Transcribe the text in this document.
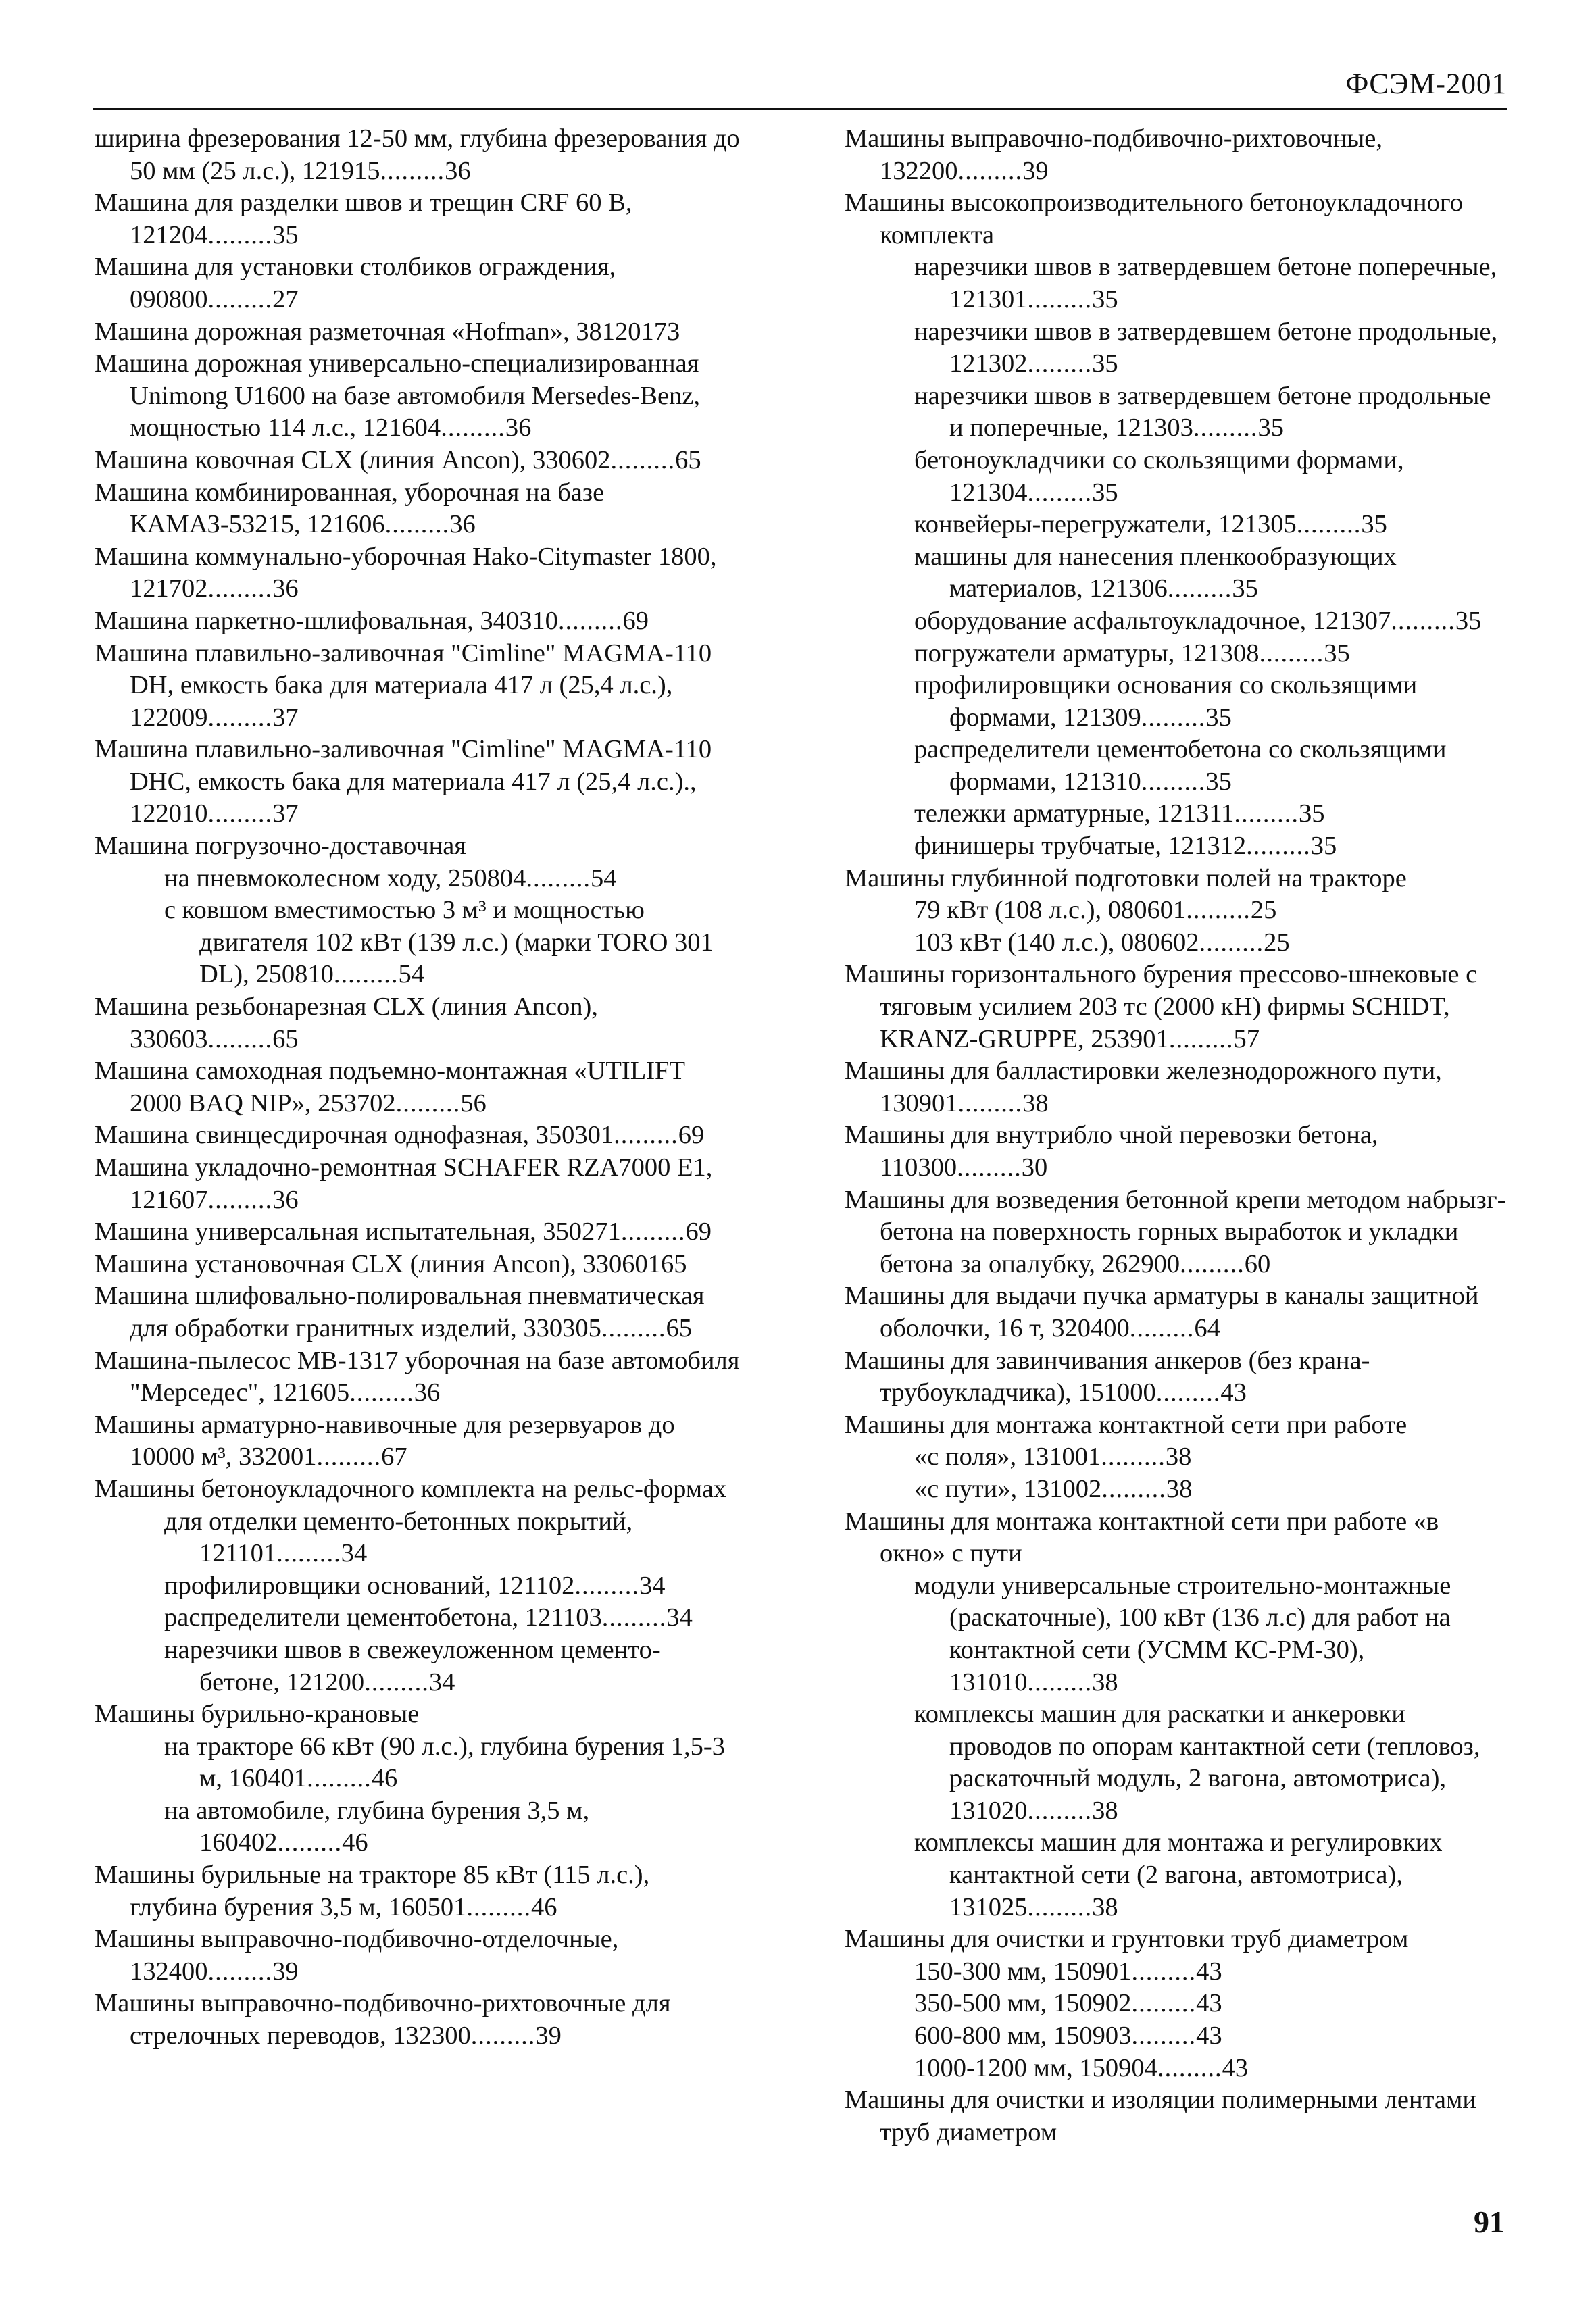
ФСЭМ-2001
ширина фрезерования 12-50 мм, глубина фрезерования до 50 мм (25 л.с.), 121915.........36
Машина для разделки швов и трещин CRF 60 B, 121204.........35
Машина для установки столбиков ограждения, 090800.........27
Машина дорожная разметочная «Hofman», 38120173
Машина дорожная универсально-специализированная Unimong U1600 на базе автомобиля Mersedes-Benz, мощностью 114 л.с., 121604.........36
Машина ковочная CLX (линия Ancon), 330602.........65
Машина комбинированная, уборочная на базе КАМАЗ-53215, 121606.........36
Машина коммунально-уборочная Hako-Citymaster 1800, 121702.........36
Машина паркетно-шлифовальная, 340310.........69
Машина плавильно-заливочная "Cimline" MAGMA-110 DH, емкость бака для материала 417 л (25,4 л.с.), 122009.........37
Машина плавильно-заливочная "Cimline" MAGMA-110 DHC, емкость бака для материала 417 л (25,4 л.с.)., 122010.........37
Машина погрузочно-доставочная
на пневмоколесном ходу, 250804.........54
с ковшом вместимостью 3 м³ и мощностью двигателя 102 кВт (139 л.с.) (марки TORO 301 DL), 250810.........54
Машина резьбонарезная CLX (линия Ancon), 330603.........65
Машина самоходная подъемно-монтажная «UTILIFT 2000 BAQ NIP», 253702.........56
Машина свинцесдирочная однофазная, 350301.........69
Машина укладочно-ремонтная SCHAFER RZA7000 E1, 121607.........36
Машина универсальная испытательная, 350271.........69
Машина установочная CLX (линия Ancon), 33060165
Машина шлифовально-полировальная пневматическая для обработки гранитных изделий, 330305.........65
Машина-пылесос MB-1317 уборочная на базе автомобиля "Мерседес", 121605.........36
Машины арматурно-навивочные для резервуаров до 10000 м³, 332001.........67
Машины бетоноукладочного комплекта на рельс-формах
для отделки цементо-бетонных покрытий, 121101.........34
профилировщики оснований, 121102.........34
распределители цементобетона, 121103.........34
нарезчики швов в свежеуложенном цементо-бетоне, 121200.........34
Машины бурильно-крановые
на тракторе 66 кВт (90 л.с.), глубина бурения 1,5-3 м, 160401.........46
на автомобиле, глубина бурения 3,5 м, 160402.........46
Машины бурильные на тракторе 85 кВт (115 л.с.), глубина бурения 3,5 м, 160501.........46
Машины выправочно-подбивочно-отделочные, 132400.........39
Машины выправочно-подбивочно-рихтовочные для стрелочных переводов, 132300.........39
Машины выправочно-подбивочно-рихтовочные, 132200.........39
Машины высокопроизводительного бетоноукладочного комплекта
нарезчики швов в затвердевшем бетоне поперечные, 121301.........35
нарезчики швов в затвердевшем бетоне продольные, 121302.........35
нарезчики швов в затвердевшем бетоне продольные и поперечные, 121303.........35
бетоноукладчики со скользящими формами, 121304.........35
конвейеры-перегружатели, 121305.........35
машины для нанесения пленкообразующих материалов, 121306.........35
оборудование асфальтоукладочное, 121307.........35
погружатели арматуры, 121308.........35
профилировщики основания со скользящими формами, 121309.........35
распределители цементобетона со скользящими формами, 121310.........35
тележки арматурные, 121311.........35
финишеры трубчатые, 121312.........35
Машины глубинной подготовки полей на тракторе
79 кВт (108 л.с.), 080601.........25
103 кВт (140 л.с.), 080602.........25
Машины горизонтального бурения прессово-шнековые с тяговым усилием 203 тс (2000 кН) фирмы SCHIDT, KRANZ-GRUPPE, 253901.........57
Машины для балластировки железнодорожного пути, 130901.........38
Машины для внутрибло чной перевозки бетона, 110300.........30
Машины для возведения бетонной крепи методом набрызг-бетона на поверхность горных выработок и укладки бетона за опалубку, 262900.........60
Машины для выдачи пучка арматуры в каналы защитной оболочки, 16 т, 320400.........64
Машины для завинчивания анкеров (без крана-трубоукладчика), 151000.........43
Машины для монтажа контактной сети при работе
«с поля», 131001.........38
«с пути», 131002.........38
Машины для монтажа контактной сети при работе «в окно» с пути
модули универсальные строительно-монтажные (раскаточные), 100 кВт (136 л.с) для работ на контактной сети (УСММ КС-РМ-30), 131010.........38
комплексы машин для раскатки и анкеровки проводов по опорам кантактной сети (тепловоз, раскаточный модуль, 2 вагона, автомотриса), 131020.........38
комплексы машин для монтажа и регулировких кантактной сети (2 вагона, автомотриса), 131025.........38
Машины для очистки и грунтовки труб диаметром
150-300 мм, 150901.........43
350-500 мм, 150902.........43
600-800 мм, 150903.........43
1000-1200 мм, 150904.........43
Машины для очистки и изоляции полимерными лентами труб диаметром
91
